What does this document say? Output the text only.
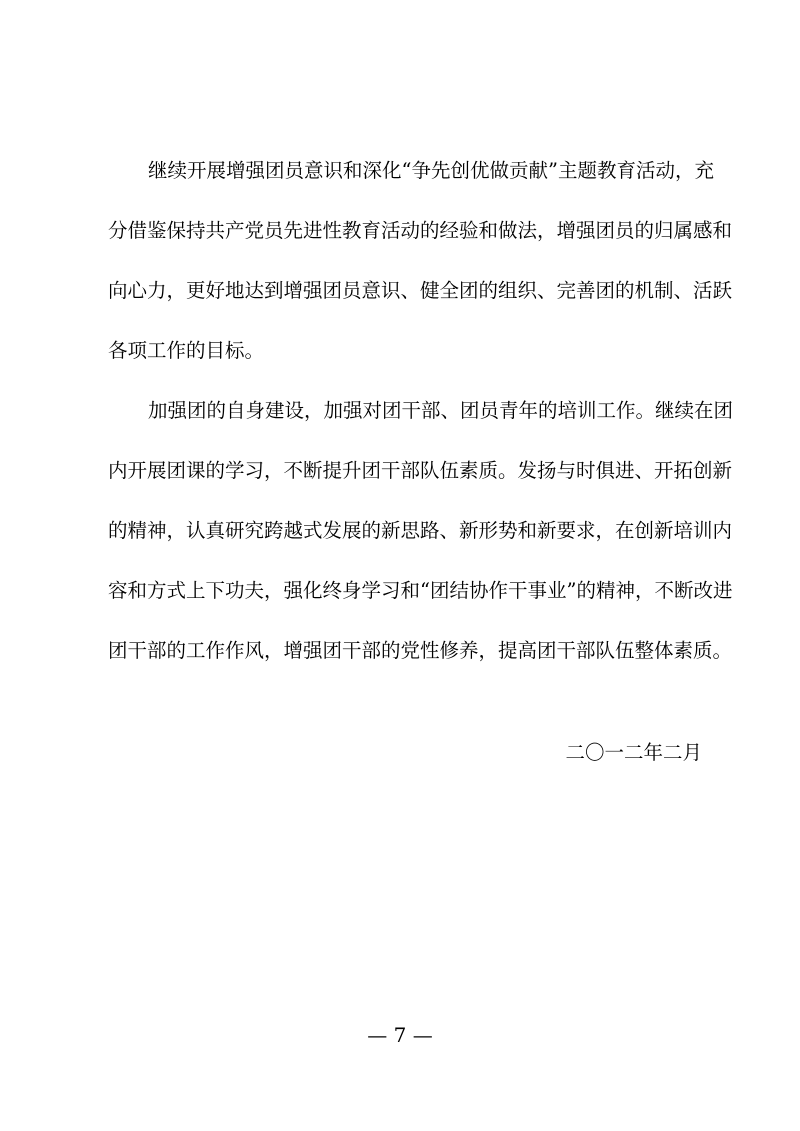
继续开展增强团员意识和深化“争先创优做贡献”主题教育活动，充
分借鉴保持共产党员先进性教育活动的经验和做法，增强团员的归属感和
向心力，更好地达到增强团员意识、健全团的组织、完善团的机制、活跃
各项工作的目标。
加强团的自身建设，加强对团干部、团员青年的培训工作。继续在团
内开展团课的学习，不断提升团干部队伍素质。发扬与时俱进、开拓创新
的精神，认真研究跨越式发展的新思路、新形势和新要求，在创新培训内
容和方式上下功夫，强化终身学习和“团结协作干事业”的精神，不断改进
团干部的工作作风，增强团干部的党性修养，提高团干部队伍整体素质。
二〇一二年二月
— 7 —
